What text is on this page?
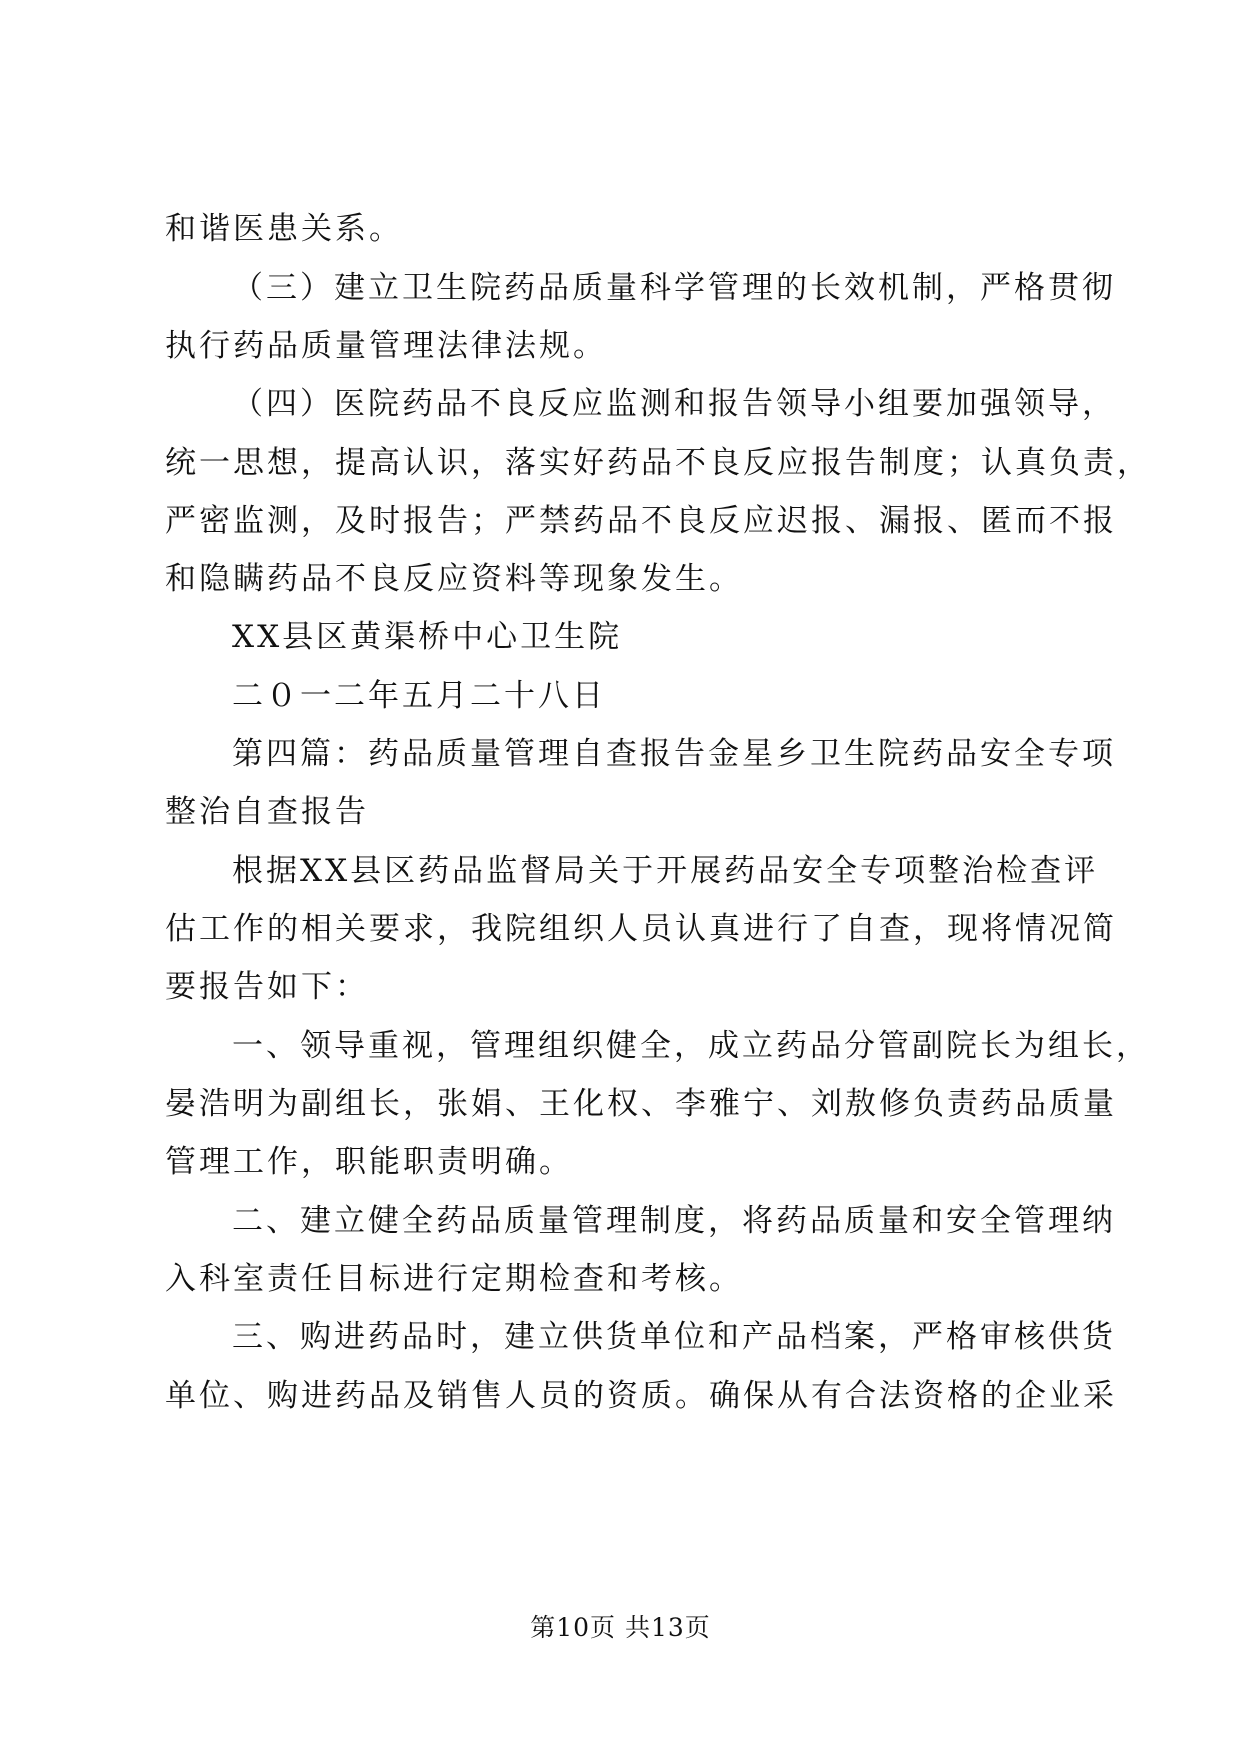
和谐医患关系。
（三）建立卫生院药品质量科学管理的长效机制，严格贯彻
执行药品质量管理法律法规。
（四）医院药品不良反应监测和报告领导小组要加强领导，
统一思想，提高认识，落实好药品不良反应报告制度；认真负责，
严密监测，及时报告；严禁药品不良反应迟报、漏报、匿而不报
和隐瞒药品不良反应资料等现象发生。
XX县区黄渠桥中心卫生院
二０一二年五月二十八日
第四篇：药品质量管理自查报告金星乡卫生院药品安全专项
整治自查报告
根据XX县区药品监督局关于开展药品安全专项整治检查评
估工作的相关要求，我院组织人员认真进行了自查，现将情况简
要报告如下：
一、领导重视，管理组织健全，成立药品分管副院长为组长，
晏浩明为副组长，张娟、王化权、李雅宁、刘敖修负责药品质量
管理工作，职能职责明确。
二、建立健全药品质量管理制度，将药品质量和安全管理纳
入科室责任目标进行定期检查和考核。
三、购进药品时，建立供货单位和产品档案，严格审核供货
单位、购进药品及销售人员的资质。确保从有合法资格的企业采
第10页 共13页
